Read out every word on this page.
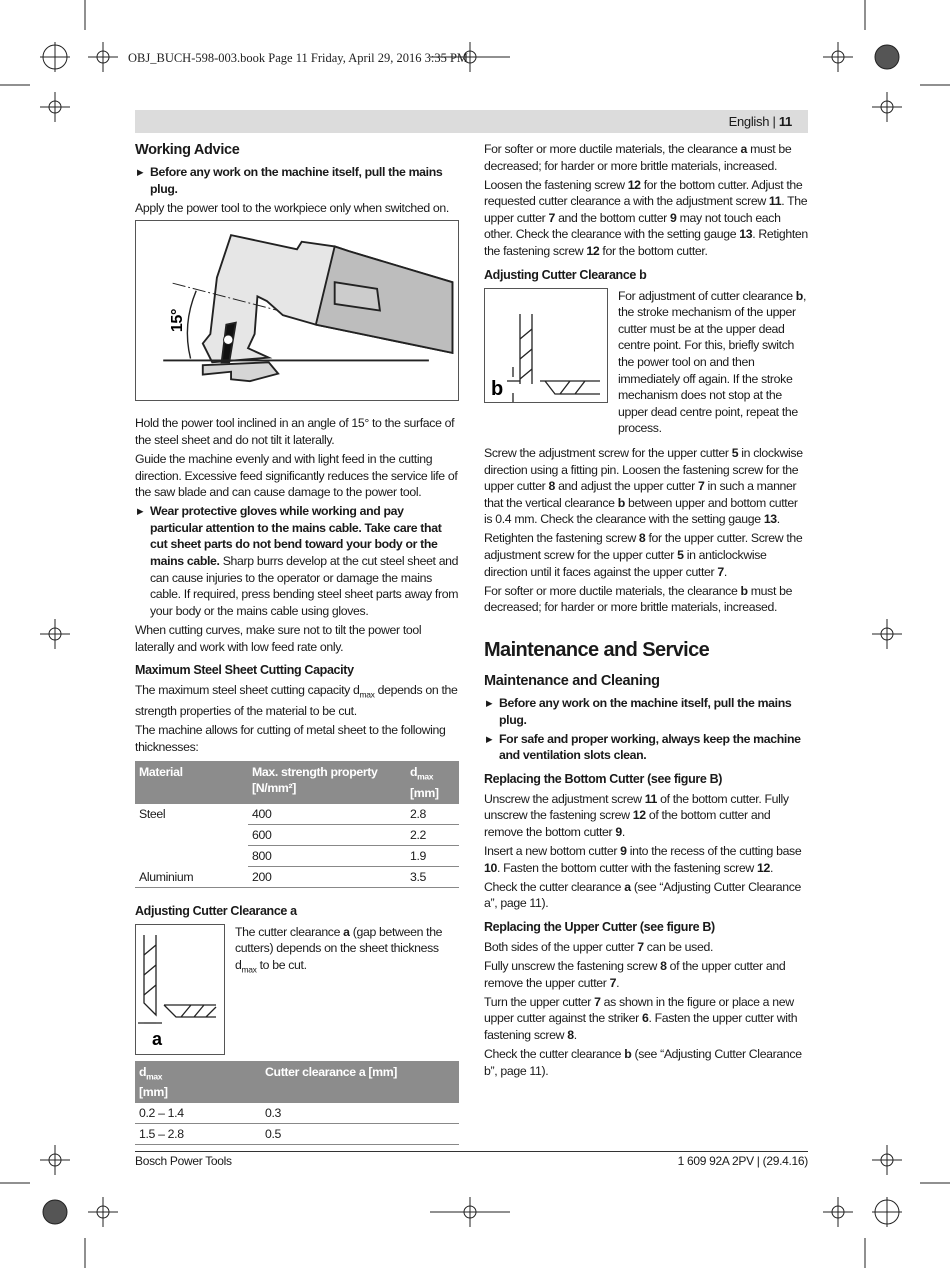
OBJ_BUCH-598-003.book Page 11 Friday, April 29, 2016 3:35 PM
English | 11
Working Advice

▶ Before any work on the machine itself, pull the mains plug.

Apply the power tool to the workpiece only when switched on.

15°

Hold the power tool inclined in an angle of 15° to the surface of the steel sheet and do not tilt it laterally.

Guide the machine evenly and with light feed in the cutting direction. Excessive feed significantly reduces the service life of the saw blade and can cause damage to the power tool.

▶ Wear protective gloves while working and pay particular attention to the mains cable. Take care that cut sheet parts do not bend toward your body or the mains cable. Sharp burrs develop at the cut steel sheet and can cause injuries to the operator or damage the mains cable. If required, press bending steel sheet parts away from your body or the mains cable using gloves.

When cutting curves, make sure not to tilt the power tool laterally and work with low feed rate only.

Maximum Steel Sheet Cutting Capacity

The maximum steel sheet cutting capacity $d_{max}$ depends on the strength properties of the material to be cut.

The machine allows for cutting of metal sheet to the following thicknesses:

Material	Max. strength property [N/mm²]	$d_{max}$
[mm]
Steel	400	2.8
	600	2.2
	800	1.9
Aluminium	200	3.5
Adjusting Cutter Clearance a
a

The cutter clearance a (gap between the cutters) depends on the sheet thickness $d_{max}$ to be cut.

$d_{max}$
[mm]	Cutter clearance a [mm]
0.2 – 1.4	0.3
1.5 – 2.8	0.5

For softer or more ductile materials, the clearance a must be decreased; for harder or more brittle materials, increased.

Loosen the fastening screw 12 for the bottom cutter. Adjust the requested cutter clearance a with the adjustment screw 11. The upper cutter 7 and the bottom cutter 9 may not touch each other. Check the clearance with the setting gauge 13. Retighten the fastening screw 12 for the bottom cutter.

Adjusting Cutter Clearance b
b

For adjustment of cutter clearance b, the stroke mechanism of the upper cutter must be at the upper dead centre point. For this, briefly switch the power tool on and then immediately off again. If the stroke mechanism does not stop at the upper dead centre point, repeat the process.

Screw the adjustment screw for the upper cutter 5 in clockwise direction using a fitting pin. Loosen the fastening screw for the upper cutter 8 and adjust the upper cutter 7 in such a manner that the vertical clearance b between upper and bottom cutter is 0.4 mm. Check the clearance with the setting gauge 13.

Retighten the fastening screw 8 for the upper cutter. Screw the adjustment screw for the upper cutter 5 in anticlockwise direction until it faces against the upper cutter 7.

For softer or more ductile materials, the clearance b must be decreased; for harder or more brittle materials, increased.

Maintenance and Service
Maintenance and Cleaning

▶ Before any work on the machine itself, pull the mains plug.

▶ For safe and proper working, always keep the machine and ventilation slots clean.

Replacing the Bottom Cutter (see figure B)

Unscrew the adjustment screw 11 of the bottom cutter. Fully unscrew the fastening screw 12 of the bottom cutter and remove the bottom cutter 9.

Insert a new bottom cutter 9 into the recess of the cutting base 10. Fasten the bottom cutter with the fastening screw 12.

Check the cutter clearance a (see “Adjusting Cutter Clearance a”, page 11).

Replacing the Upper Cutter (see figure B)

Both sides of the upper cutter 7 can be used.

Fully unscrew the fastening screw 8 of the upper cutter and remove the upper cutter 7.

Turn the upper cutter 7 as shown in the figure or place a new upper cutter against the striker 6. Fasten the upper cutter with fastening screw 8.

Check the cutter clearance b (see “Adjusting Cutter Clearance b”, page 11).

Bosch Power Tools	1 609 92A 2PV | (29.4.16)
